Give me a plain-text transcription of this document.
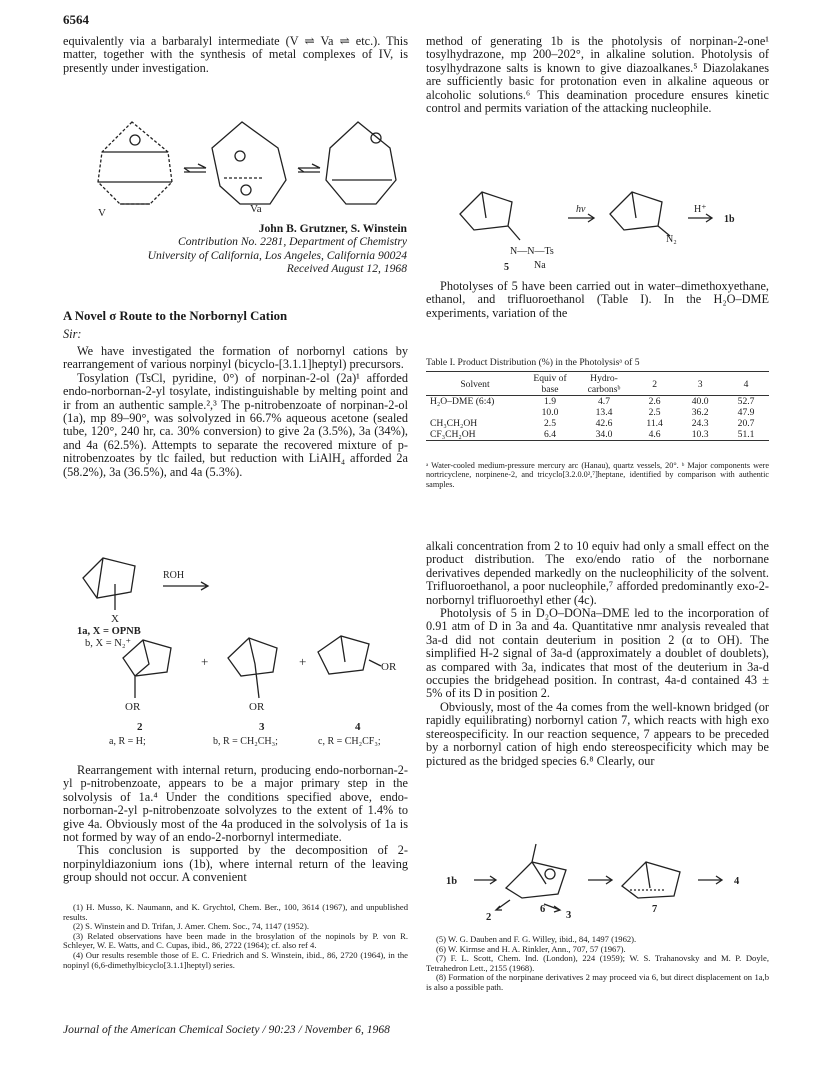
6564

equivalently via a barbaralyl intermediate (V ⇌ Va ⇌ etc.). This matter, together with the synthesis of metal complexes of IV, is presently under investigation.

V	Va
John B. Grutzner, S. Winstein
Contribution No. 2281, Department of Chemistry
University of California, Los Angeles, California 90024
Received August 12, 1968
A Novel σ Route to the Norbornyl Cation
Sir:

We have investigated the formation of norbornyl cations by rearrangement of various norpinyl (bicyclo-[3.1.1]heptyl) precursors.

Tosylation (TsCl, pyridine, 0°) of norpinan-2-ol (2a)¹ afforded endo-norbornan-2-yl tosylate, indistinguishable by melting point and ir from an authentic sample.²,³ The p-nitrobenzoate of norpinan-2-ol (1a), mp 89–90°, was solvolyzed in 66.7% aqueous acetone (sealed tube, 120°, 240 hr, ca. 30% conversion) to give 2a (3.5%), 3a (34%), and 4a (62.5%). Attempts to separate the recovered mixture of p-nitrobenzoates by tlc failed, but reduction with LiAlH₄ afforded 2a (58.2%), 3a (36.5%), and 4a (5.3%).

ROH
X
1a, X = OPNB
b, X = N₂⁺
+	+
OR	OR
OR
2	3	4
a, R = H;	b, R = CH₂CH₃;	c, R = CH₂CF₃;

Rearrangement with internal return, producing endo-norbornan-2-yl p-nitrobenzoate, appears to be a major primary step in the solvolysis of 1a.⁴ Under the conditions specified above, endo-norbornan-2-yl p-nitrobenzoate solvolyzes to the extent of 1.4% to give 4a. Obviously most of the 4a produced in the solvolysis of 1a is not formed by way of an endo-2-norbornyl intermediate.

This conclusion is supported by the decomposition of 2-norpinyldiazonium ions (1b), where internal return of the leaving group should not occur. A convenient

(1) H. Musso, K. Naumann, and K. Grychtol, Chem. Ber., 100, 3614 (1967), and unpublished results.

(2) S. Winstein and D. Trifan, J. Amer. Chem. Soc., 74, 1147 (1952).

(3) Related observations have been made in the brosylation of the nopinols by P. von R. Schleyer, W. E. Watts, and C. Cupas, ibid., 86, 2722 (1964); cf. also ref 4.

(4) Our results resemble those of E. C. Friedrich and S. Winstein, ibid., 86, 2720 (1964), in the nopinyl (6,6-dimethylbicyclo[3.1.1]heptyl) series.

method of generating 1b is the photolysis of norpinan-2-one¹ tosylhydrazone, mp 200–202°, in alkaline solution. Photolysis of tosylhydrazone salts is known to give diazoalkanes.⁵ Diazolakanes are sufficiently basic for protonation even in alkaline aqueous or alcoholic solutions.⁶ This deamination procedure ensures kinetic control and permits variation of the attacking nucleophile.

hν	H⁺
1b
N—N—Ts
Na
N₂
5

Photolyses of 5 have been carried out in water–dimethoxyethane, ethanol, and trifluoroethanol (Table I). In the H₂O–DME experiments, variation of the

Table I. Product Distribution (%) in the Photolysisᵃ of 5
Solvent	Equiv of base	Hydro-carbonsᵇ	2	3	4
H₂O–DME (6:4)	1.9	4.7	2.6	40.0	52.7
	10.0	13.4	2.5	36.2	47.9
CH₃CH₂OH	2.5	42.6	11.4	24.3	20.7
CF₃CH₂OH	6.4	34.0	4.6	10.3	51.1
ᵃ Water-cooled medium-pressure mercury arc (Hanau), quartz vessels, 20°. ᵇ Major components were nortricyclene, norpinene-2, and tricyclo[3.2.0.0²,⁷]heptane, identified by comparison with authentic samples.

alkali concentration from 2 to 10 equiv had only a small effect on the product distribution. The exo/endo ratio of the norbornane derivatives depended markedly on the nucleophilicity of the solvent. Trifluoroethanol, a poor nucleophile,⁷ afforded predominantly exo-2-norbornyl trifluoroethyl ether (4c).

Photolysis of 5 in D₂O–DONa–DME led to the incorporation of 0.91 atm of D in 3a and 4a. Quantitative nmr analysis revealed that 3a-d did not contain deuterium in position 2 (α to OH). The simplified H-2 signal of 3a-d (approximately a doublet of doublets), as compared with 3a, indicates that most of the deuterium in 3a-d occupies the bridgehead position. In contrast, 4a-d contained 43 ± 5% of its D in position 2.

Obviously, most of the 4a comes from the well-known bridged (or rapidly equilibrating) norbornyl cation 7, which reacts with high exo stereospecificity. In our reaction sequence, 7 appears to be preceded by a norbornyl cation of high endo stereospecificity which may be pictured as the bridged species 6.⁸ Clearly, our

1b
6	7
2	3
4

(5) W. G. Dauben and F. G. Willey, ibid., 84, 1497 (1962).

(6) W. Kirmse and H. A. Rinkler, Ann., 707, 57 (1967).

(7) F. L. Scott, Chem. Ind. (London), 224 (1959); W. S. Trahanovsky and M. P. Doyle, Tetrahedron Lett., 2155 (1968).

(8) Formation of the norpinane derivatives 2 may proceed via 6, but direct displacement on 1a,b is also a possible path.

Journal of the American Chemical Society / 90:23 / November 6, 1968
